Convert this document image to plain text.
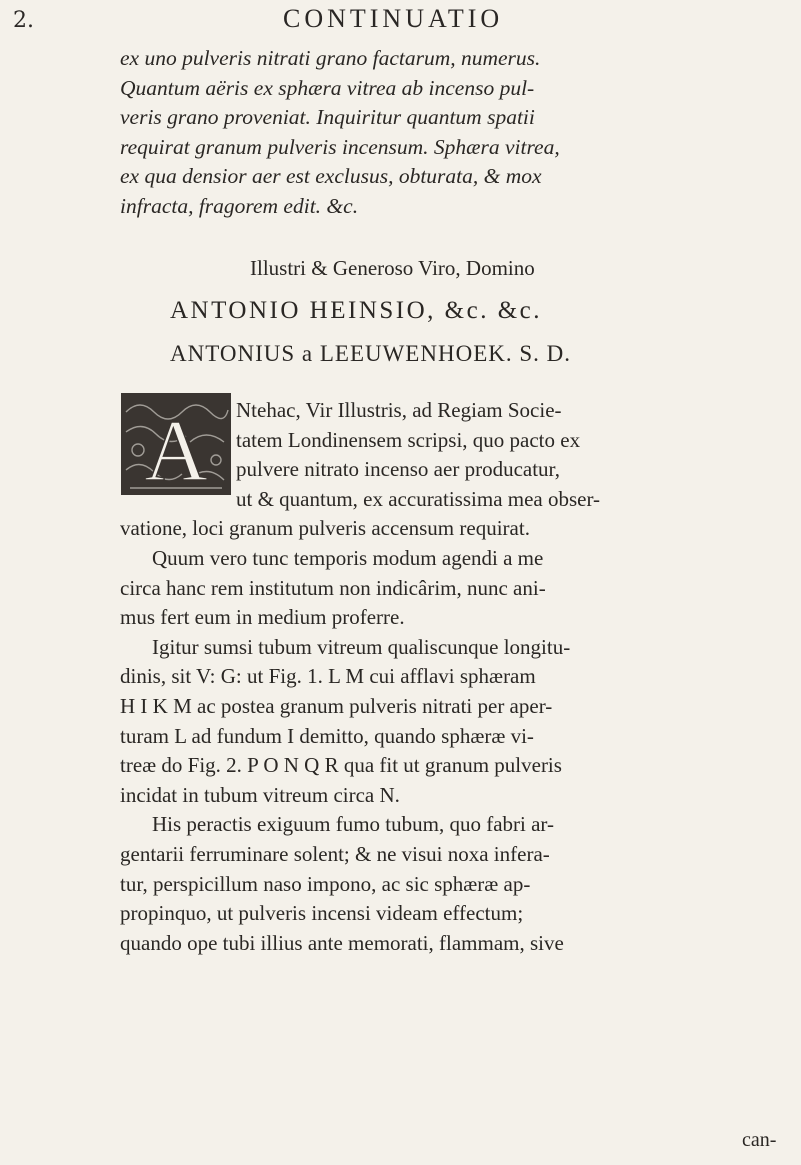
2.	CONTINUATIO
ex uno pulveris nitrati grano factarum, numerus.
Quantum aëris ex sphæra vitrea ab incenso pul-
veris grano proveniat. Inquiritur quantum spatii
requirat granum pulveris incensum. Sphæra vitrea,
ex qua densior aer est exclusus, obturata, & mox
infracta, fragorem edit. &c.
Illustri & Generoso Viro, Domino
ANTONIO HEINSIO, &c. &c.
ANTONIUS a LEEUWENHOEK. S. D.
A	Ntehac, Vir Illustris, ad Regiam Socie-
tatem Londinensem scripsi, quo pacto ex
pulvere nitrato incenso aer producatur,
ut & quantum, ex accuratissima mea obser-
vatione, loci granum pulveris accensum requirat.
Quum vero tunc temporis modum agendi a me
circa hanc rem institutum non indicârim, nunc ani-
mus fert eum in medium proferre.
Igitur sumsi tubum vitreum qualiscunque longitu-
dinis, sit V: G: ut Fig. 1. L M cui afflavi sphæram
H I K M ac postea granum pulveris nitrati per aper-
turam L ad fundum I demitto, quando sphæræ vi-
treæ do Fig. 2. P O N Q R qua fit ut granum pulveris
incidat in tubum vitreum circa N.
His peractis exiguum fumo tubum, quo fabri ar-
gentarii ferruminare solent; & ne visui noxa infera-
tur, perspicillum naso impono, ac sic sphæræ ap-
propinquo, ut pulveris incensi videam effectum;
quando ope tubi illius ante memorati, flammam, sive
can-
